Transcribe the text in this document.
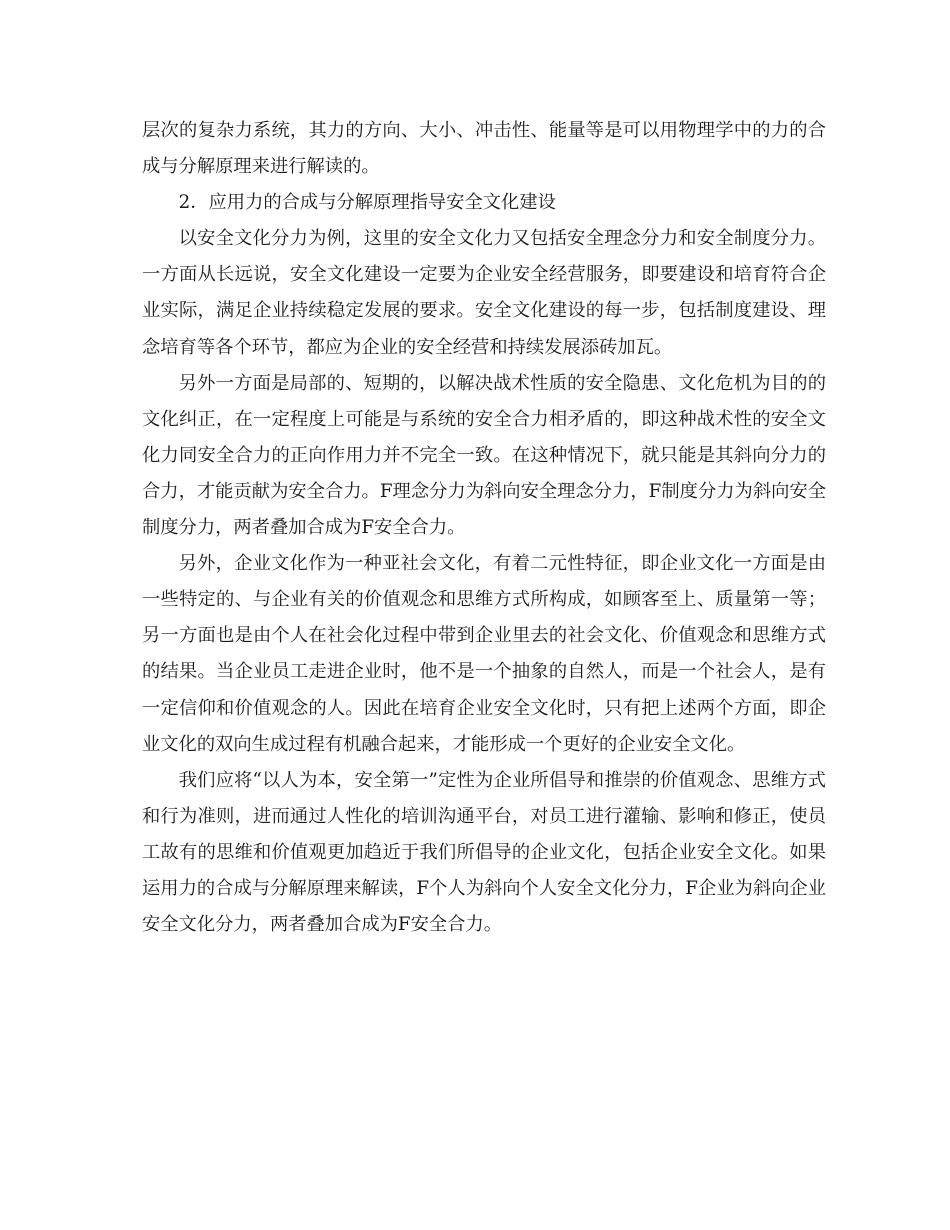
层次的复杂力系统，其力的方向、大小、冲击性、能量等是可以用物理学中的力的合成与分解原理来进行解读的。

2．应用力的合成与分解原理指导安全文化建设

以安全文化分力为例，这里的安全文化力又包括安全理念分力和安全制度分力。一方面从长远说，安全文化建设一定要为企业安全经营服务，即要建设和培育符合企业实际，满足企业持续稳定发展的要求。安全文化建设的每一步，包括制度建设、理念培育等各个环节，都应为企业的安全经营和持续发展添砖加瓦。

另外一方面是局部的、短期的，以解决战术性质的安全隐患、文化危机为目的的文化纠正，在一定程度上可能是与系统的安全合力相矛盾的，即这种战术性的安全文化力同安全合力的正向作用力并不完全一致。在这种情况下，就只能是其斜向分力的合力，才能贡献为安全合力。F理念分力为斜向安全理念分力，F制度分力为斜向安全制度分力，两者叠加合成为F安全合力。

另外，企业文化作为一种亚社会文化，有着二元性特征，即企业文化一方面是由一些特定的、与企业有关的价值观念和思维方式所构成，如顾客至上、质量第一等；另一方面也是由个人在社会化过程中带到企业里去的社会文化、价值观念和思维方式的结果。当企业员工走进企业时，他不是一个抽象的自然人，而是一个社会人，是有一定信仰和价值观念的人。因此在培育企业安全文化时，只有把上述两个方面，即企业文化的双向生成过程有机融合起来，才能形成一个更好的企业安全文化。

我们应将“以人为本，安全第一”定性为企业所倡导和推崇的价值观念、思维方式和行为准则，进而通过人性化的培训沟通平台，对员工进行灌输、影响和修正，使员工故有的思维和价值观更加趋近于我们所倡导的企业文化，包括企业安全文化。如果运用力的合成与分解原理来解读，F个人为斜向个人安全文化分力，F企业为斜向企业安全文化分力，两者叠加合成为F安全合力。
